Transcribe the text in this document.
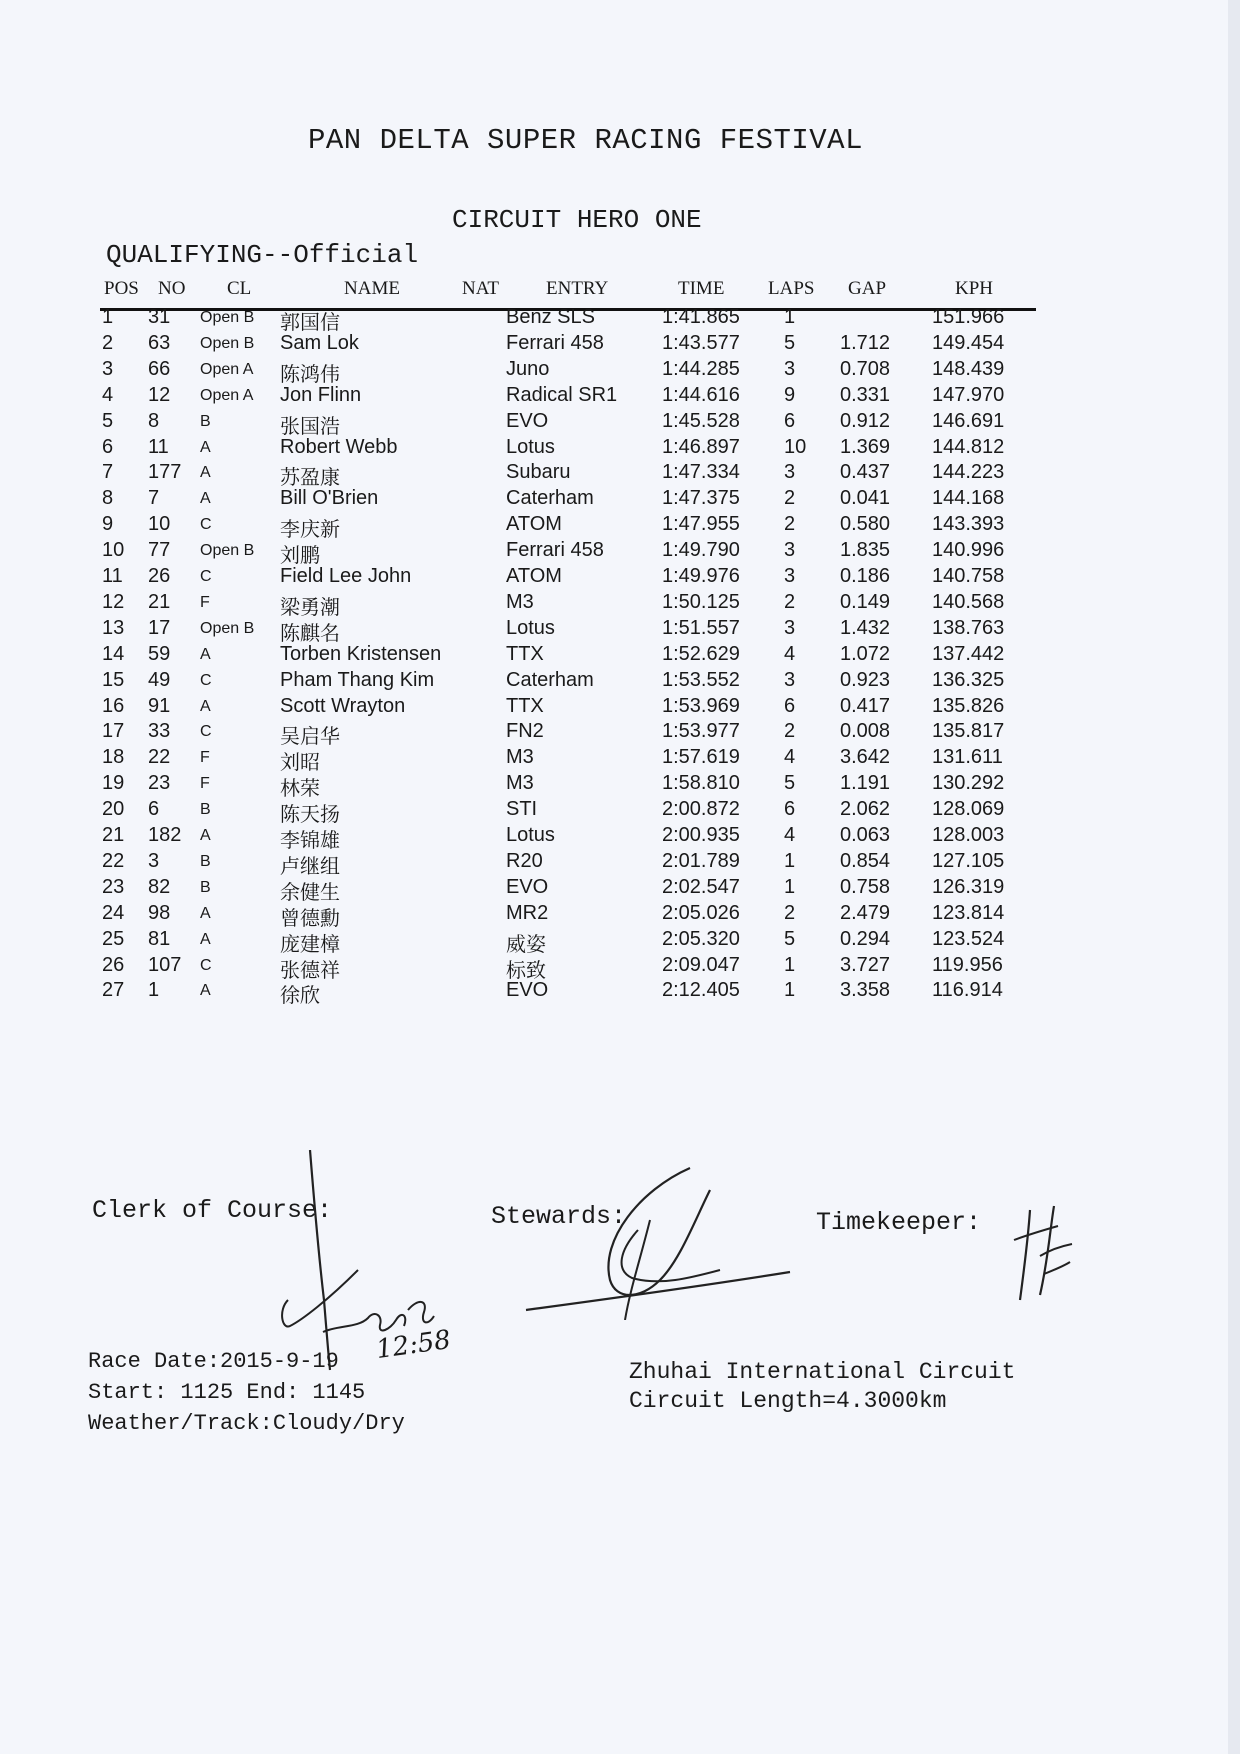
PAN DELTA SUPER RACING FESTIVAL
CIRCUIT HERO ONE
QUALIFYING--Official
POS NO CL	NAME	NAT ENTRY	TIME LAPS GAP	KPH
1 31 Open B 郭国信	Benz SLS	1:41.865 1	151.966
2 63 Open B Sam Lok	Ferrari 458	1:43.577 5 1.712 149.454
3 66 Open A 陈鸿伟	Juno	1:44.285 3 0.708 148.439
4 12 Open A Jon Flinn	Radical SR1 1:44.616 9 0.331 147.970
5 8	B	张国浩	EVO	1:45.528 6 0.912 146.691
6 11 A	Robert Webb	Lotus	1:46.897 10 1.369 144.812
7 177 A	苏盈康	Subaru	1:47.334 3 0.437 144.223
8 7	A	Bill O'Brien	Caterham	1:47.375 2 0.041 144.168
9 10 C	李庆新	ATOM	1:47.955 2 0.580 143.393
10 77 Open B 刘鹏	Ferrari 458	1:49.790 3 1.835 140.996
11 26 C	Field Lee John	ATOM	1:49.976 3 0.186 140.758
12 21 F	梁勇潮	M3	1:50.125 2 0.149 140.568
13 17 Open B 陈麒名	Lotus	1:51.557 3 1.432 138.763
14 59 A	Torben Kristensen	TTX	1:52.629 4 1.072 137.442
15 49 C	Pham Thang Kim	Caterham	1:53.552 3 0.923 136.325
16 91 A	Scott Wrayton	TTX	1:53.969 6 0.417 135.826
17 33 C	吴启华	FN2	1:53.977 2 0.008 135.817
18 22 F	刘昭	M3	1:57.619 4 3.642 131.611
19 23 F	林荣	M3	1:58.810 5 1.191 130.292
20 6	B	陈天扬	STI	2:00.872 6 2.062 128.069
21 182 A	李锦雄	Lotus	2:00.935 4 0.063 128.003
22 3	B	卢继组	R20	2:01.789 1 0.854 127.105
23 82 B	余健生	EVO	2:02.547 1 0.758 126.319
24 98 A	曾德勳	MR2	2:05.026 2 2.479 123.814
25 81 A	庞建樟	威姿	2:05.320 5 0.294 123.524
26 107 C	张德祥	标致	2:09.047 1 3.727 119.956
27 1	A	徐欣	EVO	2:12.405 1 3.358 116.914
Clerk of Course:	Stewards:	Timekeeper:
12:58
Race Date:2015-9-19
Start: 1125 End: 1145
Weather/Track:Cloudy/Dry
Zhuhai International Circuit
Circuit Length=4.3000km
